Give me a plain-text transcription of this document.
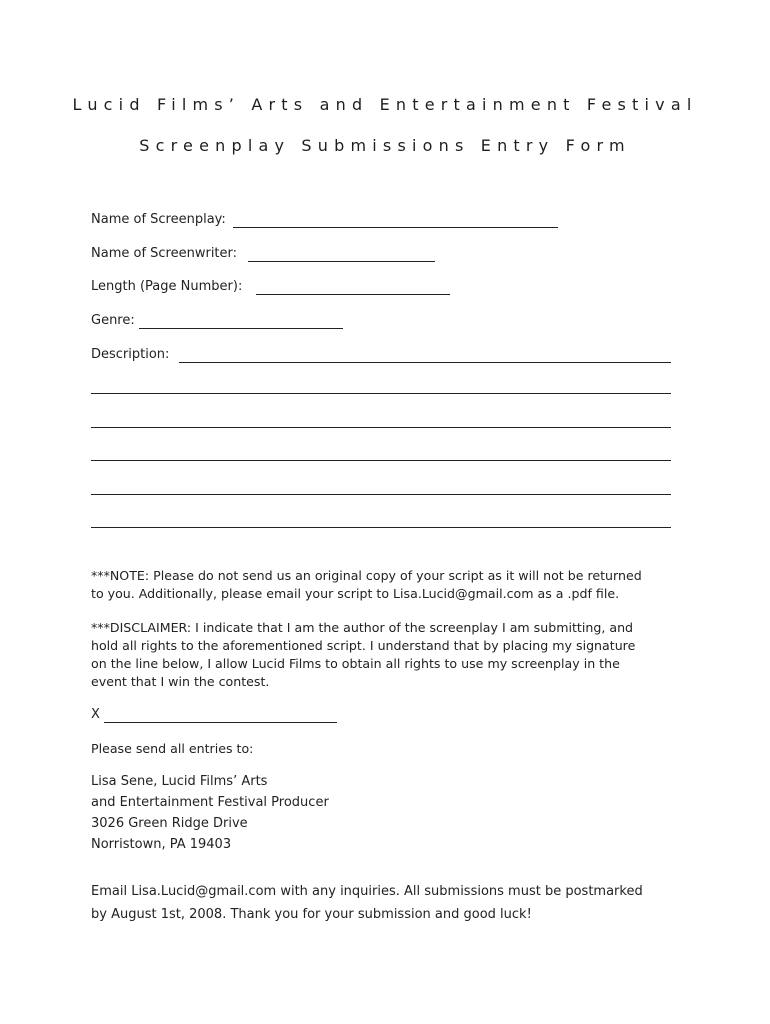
Lucid Films’ Arts and Entertainment Festival
Screenplay Submissions Entry Form
Name of Screenplay:
Name of Screenwriter:
Length (Page Number):
Genre:
Description:
***NOTE: Please do not send us an original copy of your script as it will not be returned
to you. Additionally, please email your script to Lisa.Lucid@gmail.com as a .pdf file.
***DISCLAIMER: I indicate that I am the author of the screenplay I am submitting, and
hold all rights to the aforementioned script. I understand that by placing my signature
on the line below, I allow Lucid Films to obtain all rights to use my screenplay in the
event that I win the contest.
X
Please send all entries to:
Lisa Sene, Lucid Films’ Arts
and Entertainment Festival Producer
3026 Green Ridge Drive
Norristown, PA 19403
Email Lisa.Lucid@gmail.com with any inquiries. All submissions must be postmarked
by August 1st, 2008. Thank you for your submission and good luck!
